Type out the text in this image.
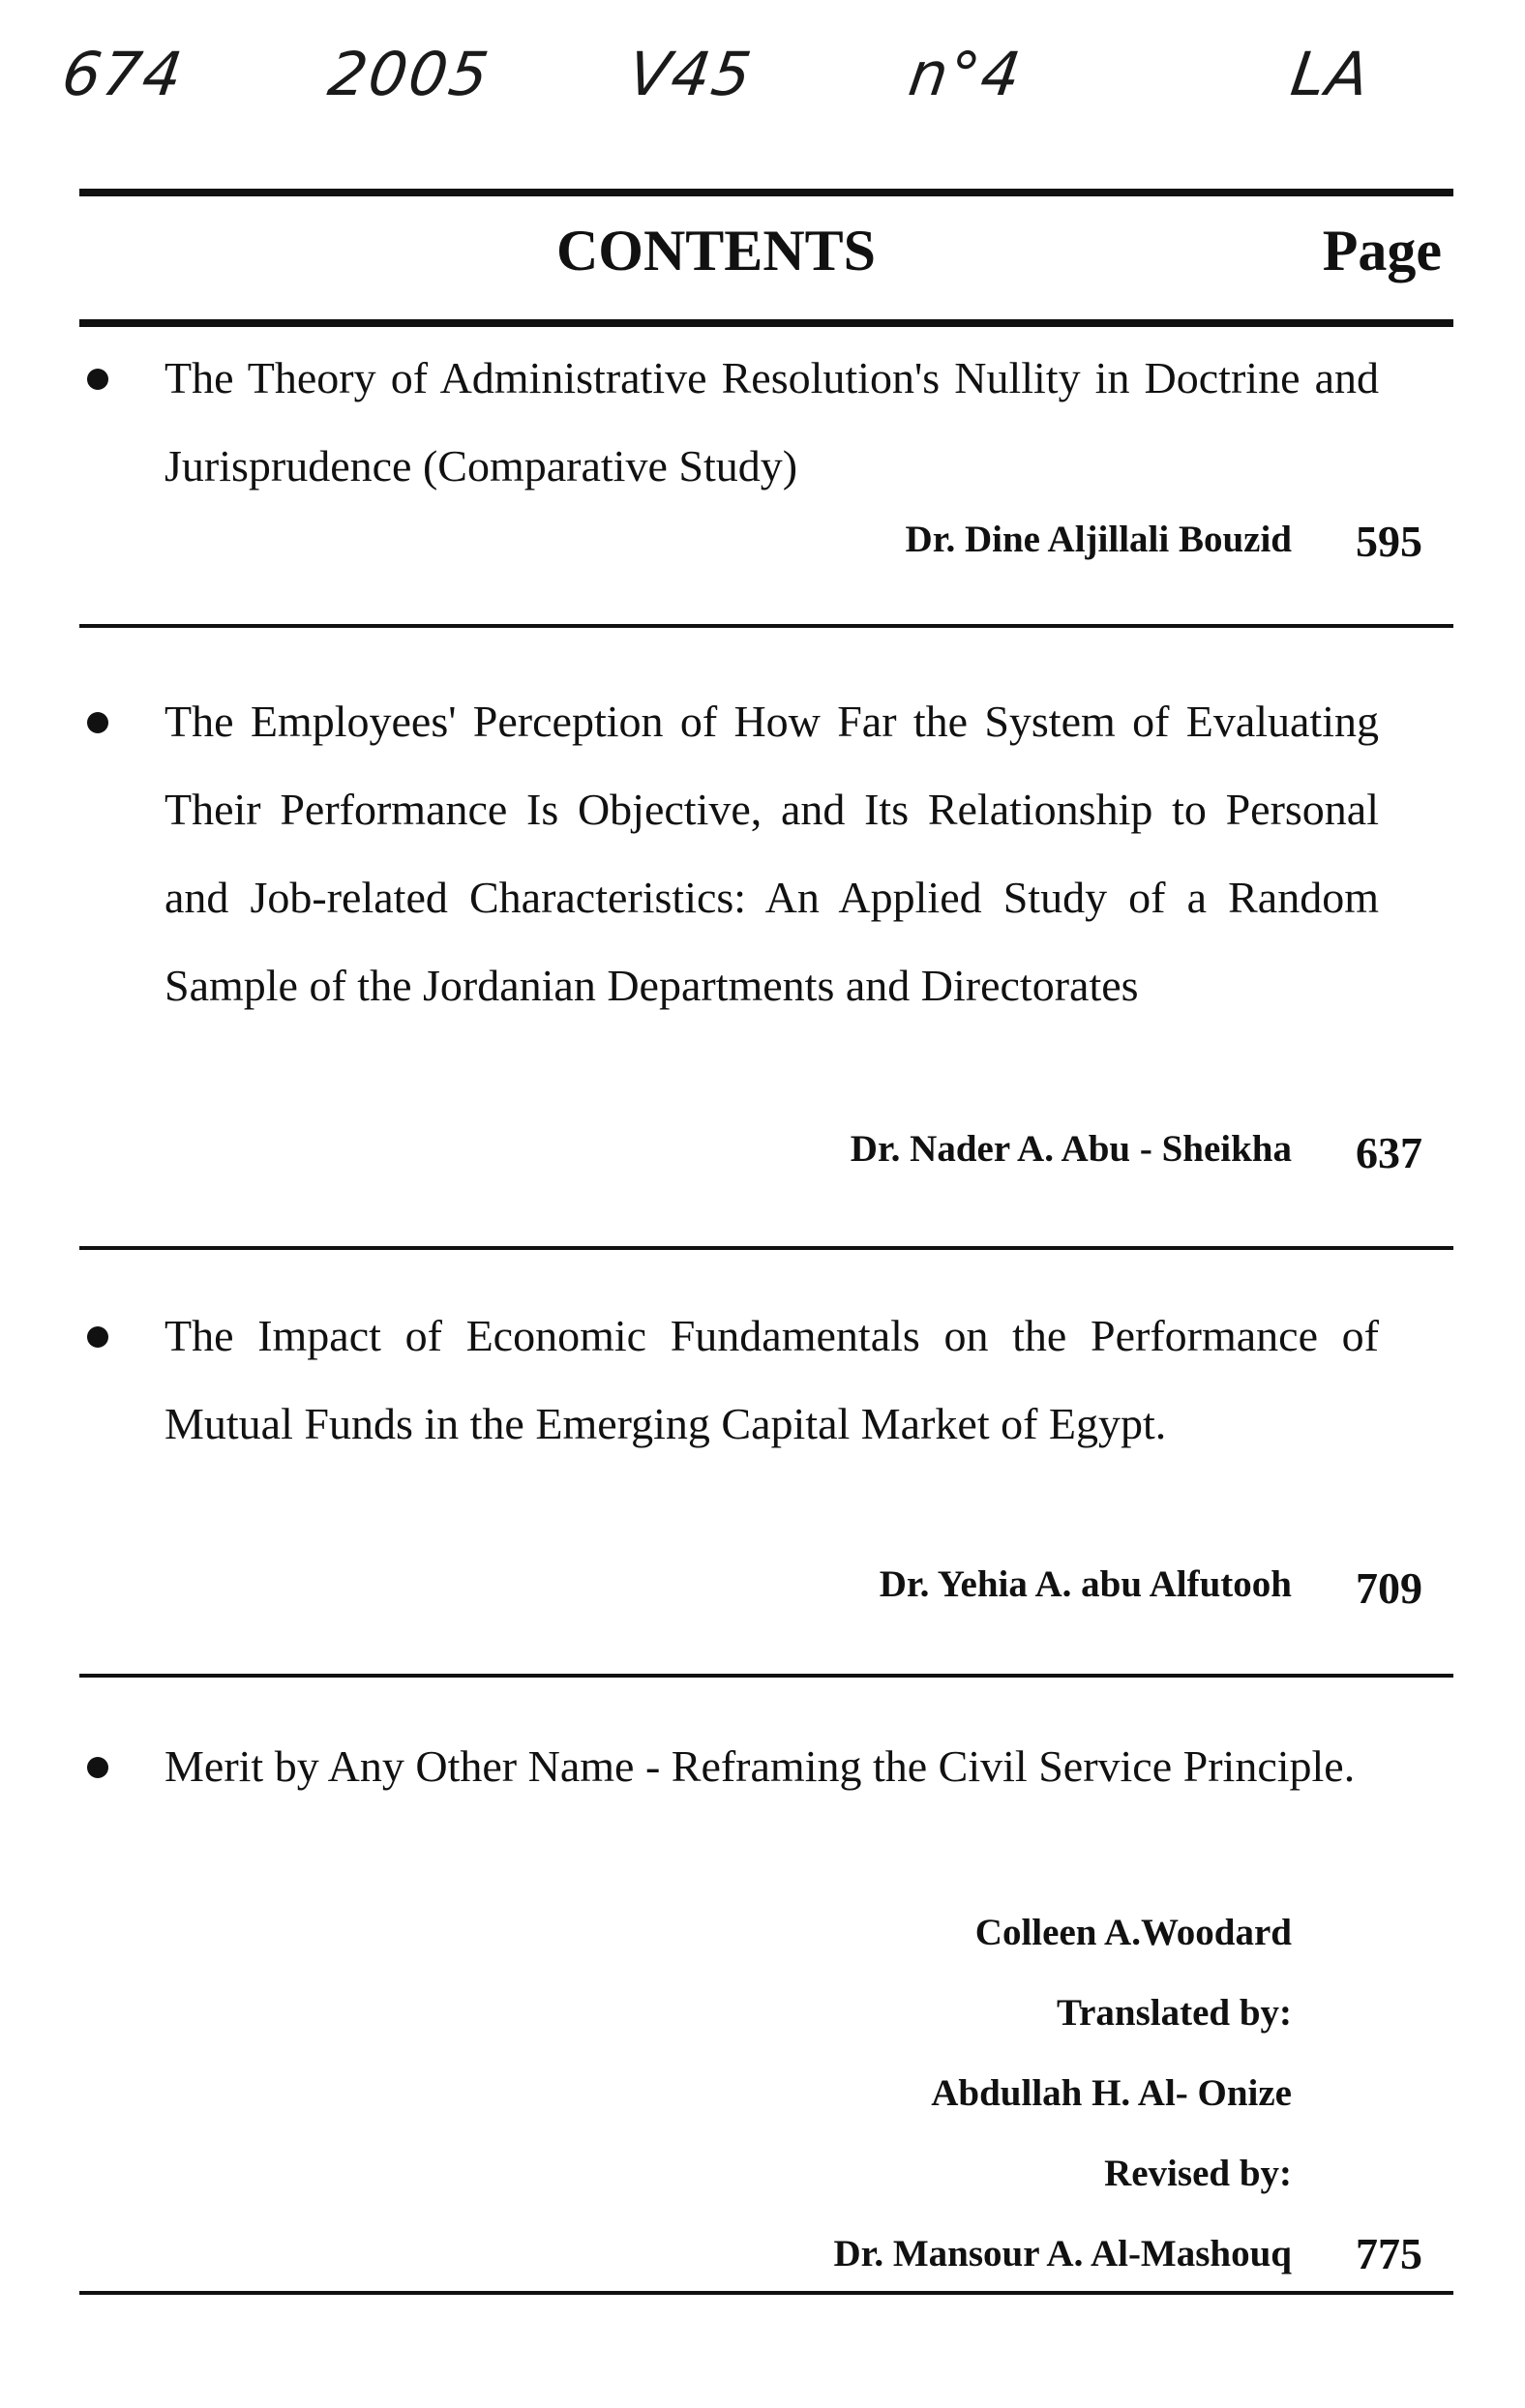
674 2005 V45 n°4	LA
CONTENTS	Page
The Theory of Administrative Resolution's Nullity in Doctrine and Jurisprudence (Comparative Study)
Dr. Dine Aljillali Bouzid	595
The Employees' Perception of How Far the System of Evaluating Their Performance Is Objective, and Its Relationship to Personal and Job-related Characteristics: An Applied Study of a Random Sample of the Jordanian Departments and Directorates
Dr. Nader A. Abu - Sheikha	637
The Impact of Economic Fundamentals on the Performance of Mutual Funds in the Emerging Capital Market of Egypt.
Dr. Yehia A. abu Alfutooh	709
Merit by Any Other Name - Reframing the Civil Service Principle.
Colleen A.Woodard
Translated by:
Abdullah H. Al- Onize
Revised by:
Dr. Mansour A. Al-Mashouq	775
